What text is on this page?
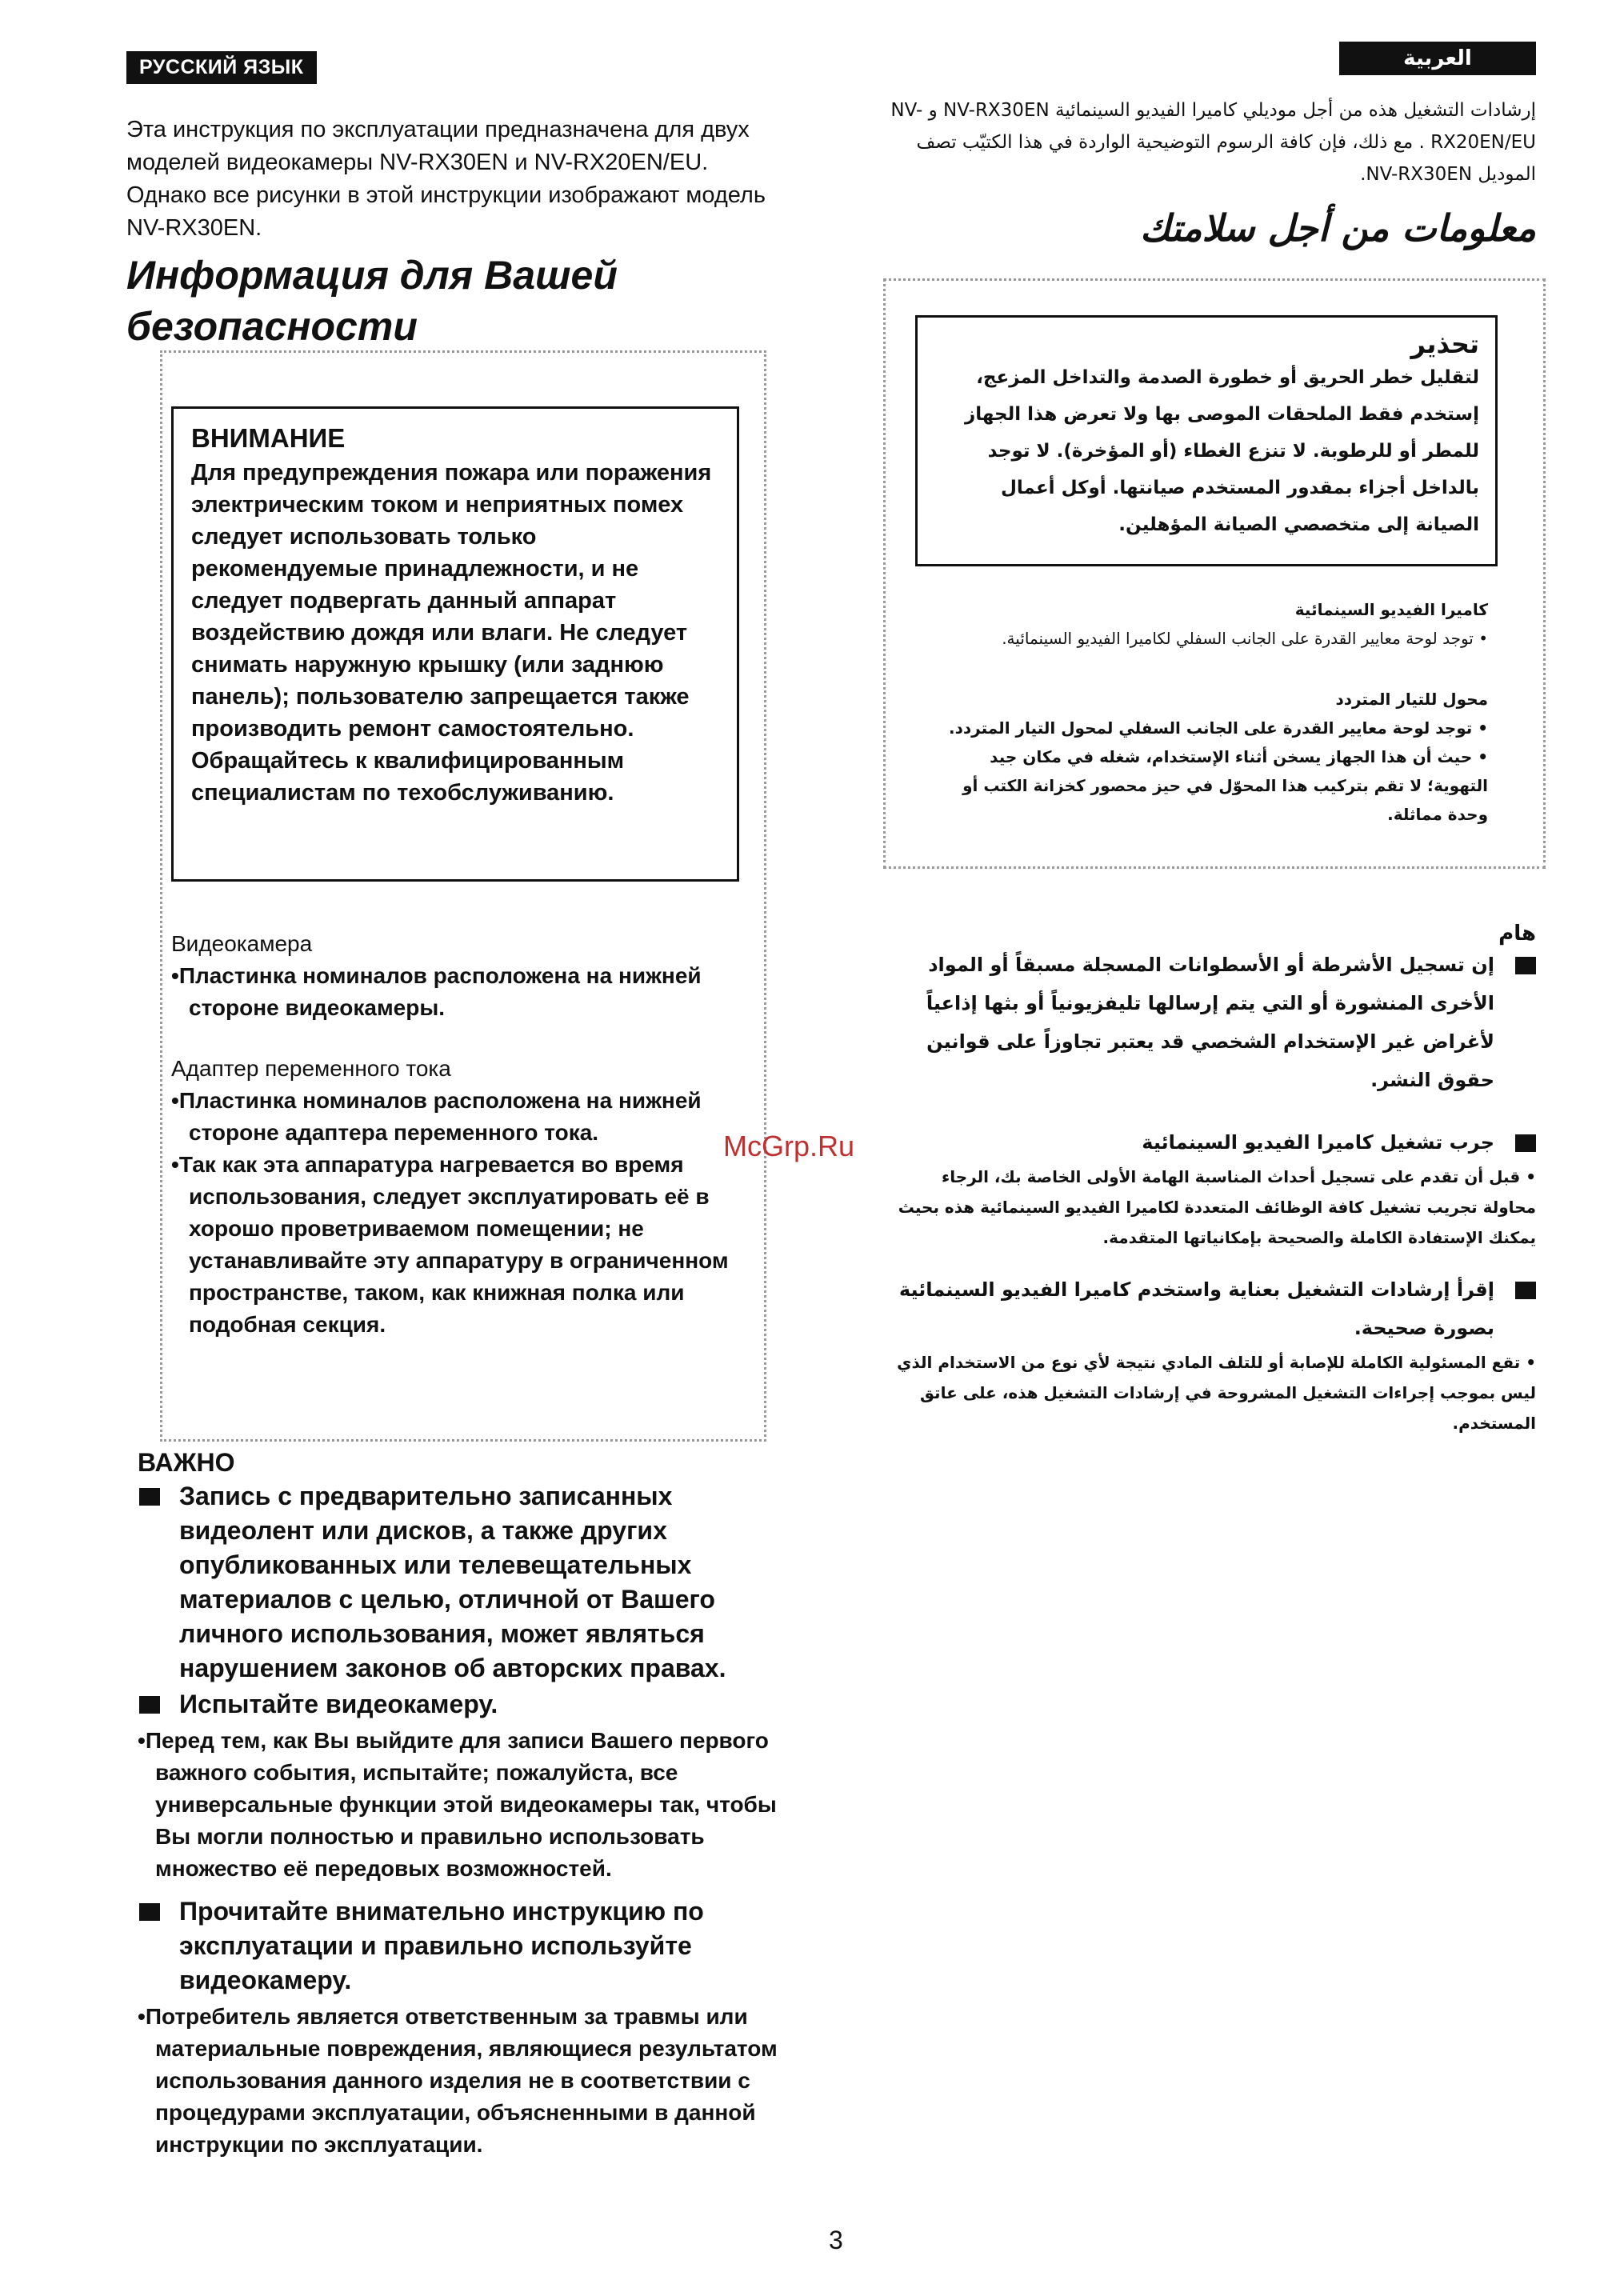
РУССКИЙ ЯЗЫК
Эта инструкция по эксплуатации предназначена для двух моделей видеокамеры NV-RX30EN и NV-RX20EN/EU. Однако все рисунки в этой инструкции изображают модель NV-RX30EN.
Информация для Вашей безопасности
ВНИМАНИЕ
Для предупреждения пожара или поражения электрическим током и неприятных помех следует использовать только рекомендуемые принадлежности, и не следует подвергать данный аппарат воздействию дождя или влаги. Не следует снимать наружную крышку (или заднюю панель); пользователю запрещается также производить ремонт самостоятельно. Обращайтесь к квалифицированным специалистам по техобслуживанию.
Видеокамера
•Пластинка номиналов расположена на нижней стороне видеокамеры.
Адаптер переменного тока
•Пластинка номиналов расположена на нижней стороне адаптера переменного тока.
•Так как эта аппаратура нагревается во время использования, следует эксплуатировать её в хорошо проветриваемом помещении; не устанавливайте эту аппаратуру в ограниченном пространстве, таком, как книжная полка или подобная секция.
ВАЖНО
Запись с предварительно записанных видеолент или дисков, а также других опубликованных или телевещательных материалов с целью, отличной от Вашего личного использования, может являться нарушением законов об авторских правах.
Испытайте видеокамеру.
•Перед тем, как Вы выйдите для записи Вашего первого важного события, испытайте; пожалуйста, все универсальные функции этой видеокамеры так, чтобы Вы могли полностью и правильно использовать множество её передовых возможностей.
Прочитайте внимательно инструкцию по эксплуатации и правильно используйте видеокамеру.
•Потребитель является ответственным за травмы или материальные повреждения, являющиеся результатом использования данного изделия не в соответствии с процедурами эксплуатации, объясненными в данной инструкции по эксплуатации.
العربية
إرشادات التشغيل هذه من أجل موديلي كاميرا الفيديو السينمائية NV-RX30EN و NV-RX20EN/EU . مع ذلك، فإن كافة الرسوم التوضيحية الواردة في هذا الكتيّب تصف الموديل NV-RX30EN.
معلومات من أجل سلامتك
تحذير
لتقليل خطر الحريق أو خطورة الصدمة والتداخل المزعج، إستخدم فقط الملحقات الموصى بها ولا تعرض هذا الجهاز للمطر أو للرطوبة. لا تنزع الغطاء (أو المؤخرة). لا توجد بالداخل أجزاء بمقدور المستخدم صيانتها. أوكل أعمال الصيانة إلى متخصصي الصيانة المؤهلين.
كاميرا الفيديو السينمائية
• توجد لوحة معايير القدرة على الجانب السفلي لكاميرا الفيديو السينمائية.
محول للتيار المتردد
• توجد لوحة معايير القدرة على الجانب السفلي لمحول التيار المتردد.
• حيث أن هذا الجهاز يسخن أثناء الإستخدام، شغله في مكان جيد التهوية؛ لا تقم بتركيب هذا المحوّل في حيز محصور كخزانة الكتب أو وحدة مماثلة.
هام
إن تسجيل الأشرطة أو الأسطوانات المسجلة مسبقاً أو المواد الأخرى المنشورة أو التي يتم إرسالها تليفزيونياً أو بثها إذاعياً لأغراض غير الإستخدام الشخصي قد يعتبر تجاوزاً على قوانين حقوق النشر.
جرب تشغيل كاميرا الفيديو السينمائية
• قبل أن تقدم على تسجيل أحداث المناسبة الهامة الأولى الخاصة بك، الرجاء محاولة تجريب تشغيل كافة الوظائف المتعددة لكاميرا الفيديو السينمائية هذه بحيث يمكنك الإستفادة الكاملة والصحيحة بإمكانياتها المتقدمة.
إقرأ إرشادات التشغيل بعناية واستخدم كاميرا الفيديو السينمائية بصورة صحيحة.
• تقع المسئولية الكاملة للإصابة أو للتلف المادي نتيجة لأي نوع من الاستخدام الذي ليس بموجب إجراءات التشغيل المشروحة في إرشادات التشغيل هذه، على عاتق المستخدم.
McGrp.Ru
3
